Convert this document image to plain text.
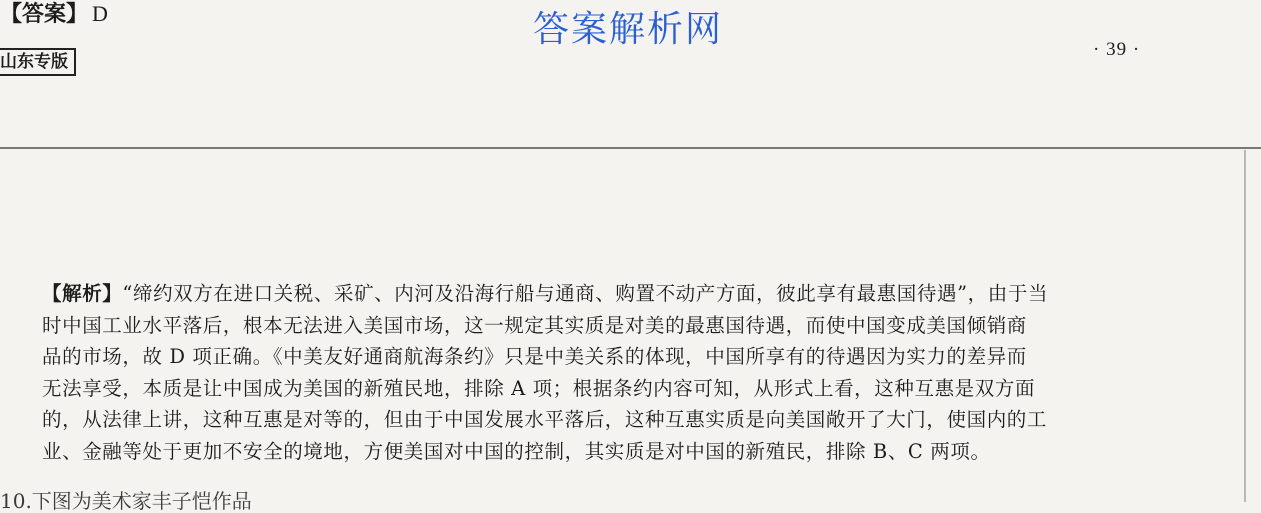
【答案】 D	答案解析网
山东专版
· 39 ·
【解析】“缔约双方在进口关税、采矿、内河及沿海行船与通商、购置不动产方面，彼此享有最惠国待遇”，由于当
时中国工业水平落后，根本无法进入美国市场，这一规定其实质是对美的最惠国待遇，而使中国变成美国倾销商
品的市场，故 D 项正确。《中美友好通商航海条约》只是中美关系的体现，中国所享有的待遇因为实力的差异而
无法享受，本质是让中国成为美国的新殖民地，排除 A 项；根据条约内容可知，从形式上看，这种互惠是双方面
的，从法律上讲，这种互惠是对等的，但由于中国发展水平落后，这种互惠实质是向美国敞开了大门，使国内的工
业、金融等处于更加不安全的境地，方便美国对中国的控制，其实质是对中国的新殖民，排除 B、C 两项。
10.下图为美术家丰子恺作品
